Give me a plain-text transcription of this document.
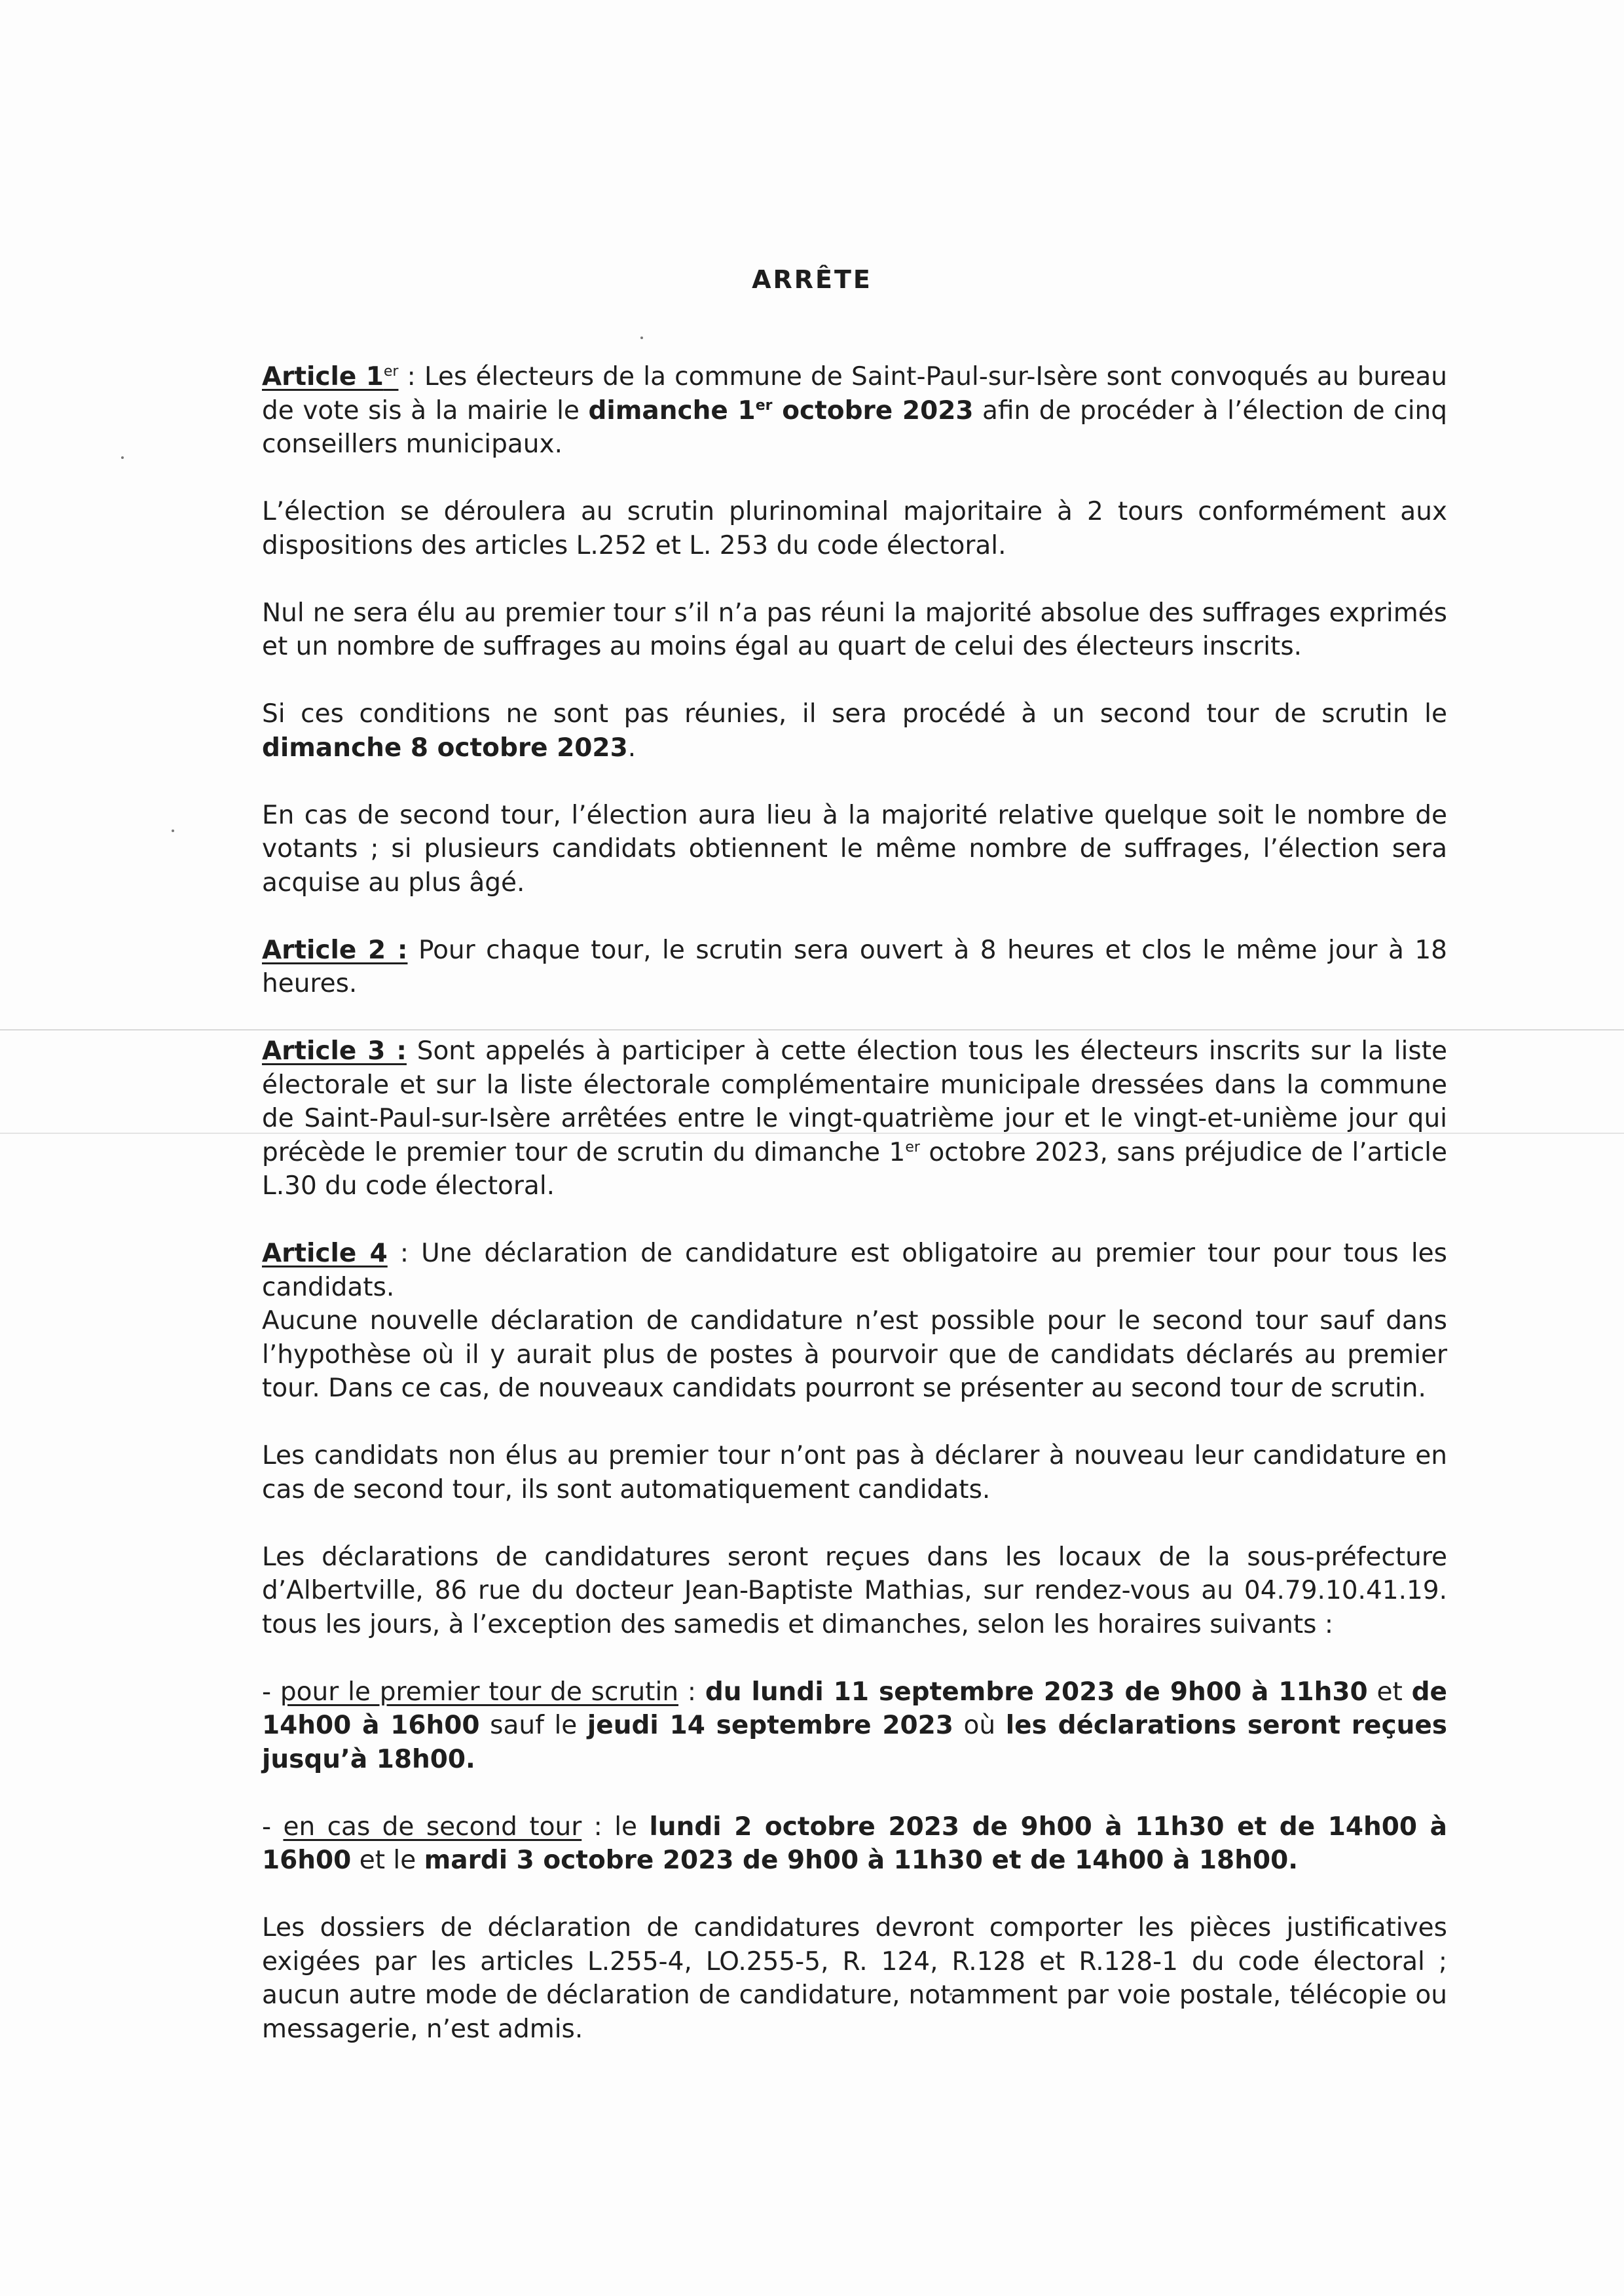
ARRÊTE

Article 1er : Les électeurs de la commune de Saint-Paul-sur-Isère sont convoqués au bureau de vote sis à la mairie le dimanche 1er octobre 2023 afin de procéder à l’élection de cinq conseillers municipaux.

L’élection se déroulera au scrutin plurinominal majoritaire à 2 tours conformément aux dispositions des articles L.252 et L. 253 du code électoral.

Nul ne sera élu au premier tour s’il n’a pas réuni la majorité absolue des suffrages exprimés et un nombre de suffrages au moins égal au quart de celui des électeurs inscrits.

Si ces conditions ne sont pas réunies, il sera procédé à un second tour de scrutin le dimanche 8 octobre 2023.

En cas de second tour, l’élection aura lieu à la majorité relative quelque soit le nombre de votants ; si plusieurs candidats obtiennent le même nombre de suffrages, l’élection sera acquise au plus âgé.

Article 2 : Pour chaque tour, le scrutin sera ouvert à 8 heures et clos le même jour à 18 heures.

Article 3 : Sont appelés à participer à cette élection tous les électeurs inscrits sur la liste électorale et sur la liste électorale complémentaire municipale dressées dans la commune de Saint-Paul-sur-Isère arrêtées entre le vingt-quatrième jour et le vingt-et-unième jour qui précède le premier tour de scrutin du dimanche 1er octobre 2023, sans préjudice de l’article L.30 du code électoral.

Article 4 : Une déclaration de candidature est obligatoire au premier tour pour tous les candidats.

Aucune nouvelle déclaration de candidature n’est possible pour le second tour sauf dans l’hypothèse où il y aurait plus de postes à pourvoir que de candidats déclarés au premier tour. Dans ce cas, de nouveaux candidats pourront se présenter au second tour de scrutin.

Les candidats non élus au premier tour n’ont pas à déclarer à nouveau leur candidature en cas de second tour, ils sont automatiquement candidats.

Les déclarations de candidatures seront reçues dans les locaux de la sous-préfecture d’Albertville, 86 rue du docteur Jean-Baptiste Mathias, sur rendez-vous au 04.79.10.41.19. tous les jours, à l’exception des samedis et dimanches, selon les horaires suivants :

- pour le premier tour de scrutin : du lundi 11 septembre 2023 de 9h00 à 11h30 et de 14h00 à 16h00 sauf le jeudi 14 septembre 2023 où les déclarations seront reçues jusqu’à 18h00.

- en cas de second tour : le lundi 2 octobre 2023 de 9h00 à 11h30 et de 14h00 à 16h00 et le mardi 3 octobre 2023 de 9h00 à 11h30 et de 14h00 à 18h00.

Les dossiers de déclaration de candidatures devront comporter les pièces justificatives exigées par les articles L.255-4, LO.255-5, R. 124, R.128 et R.128-1 du code électoral ; aucun autre mode de déclaration de candidature, notamment par voie postale, télécopie ou messagerie, n’est admis.
